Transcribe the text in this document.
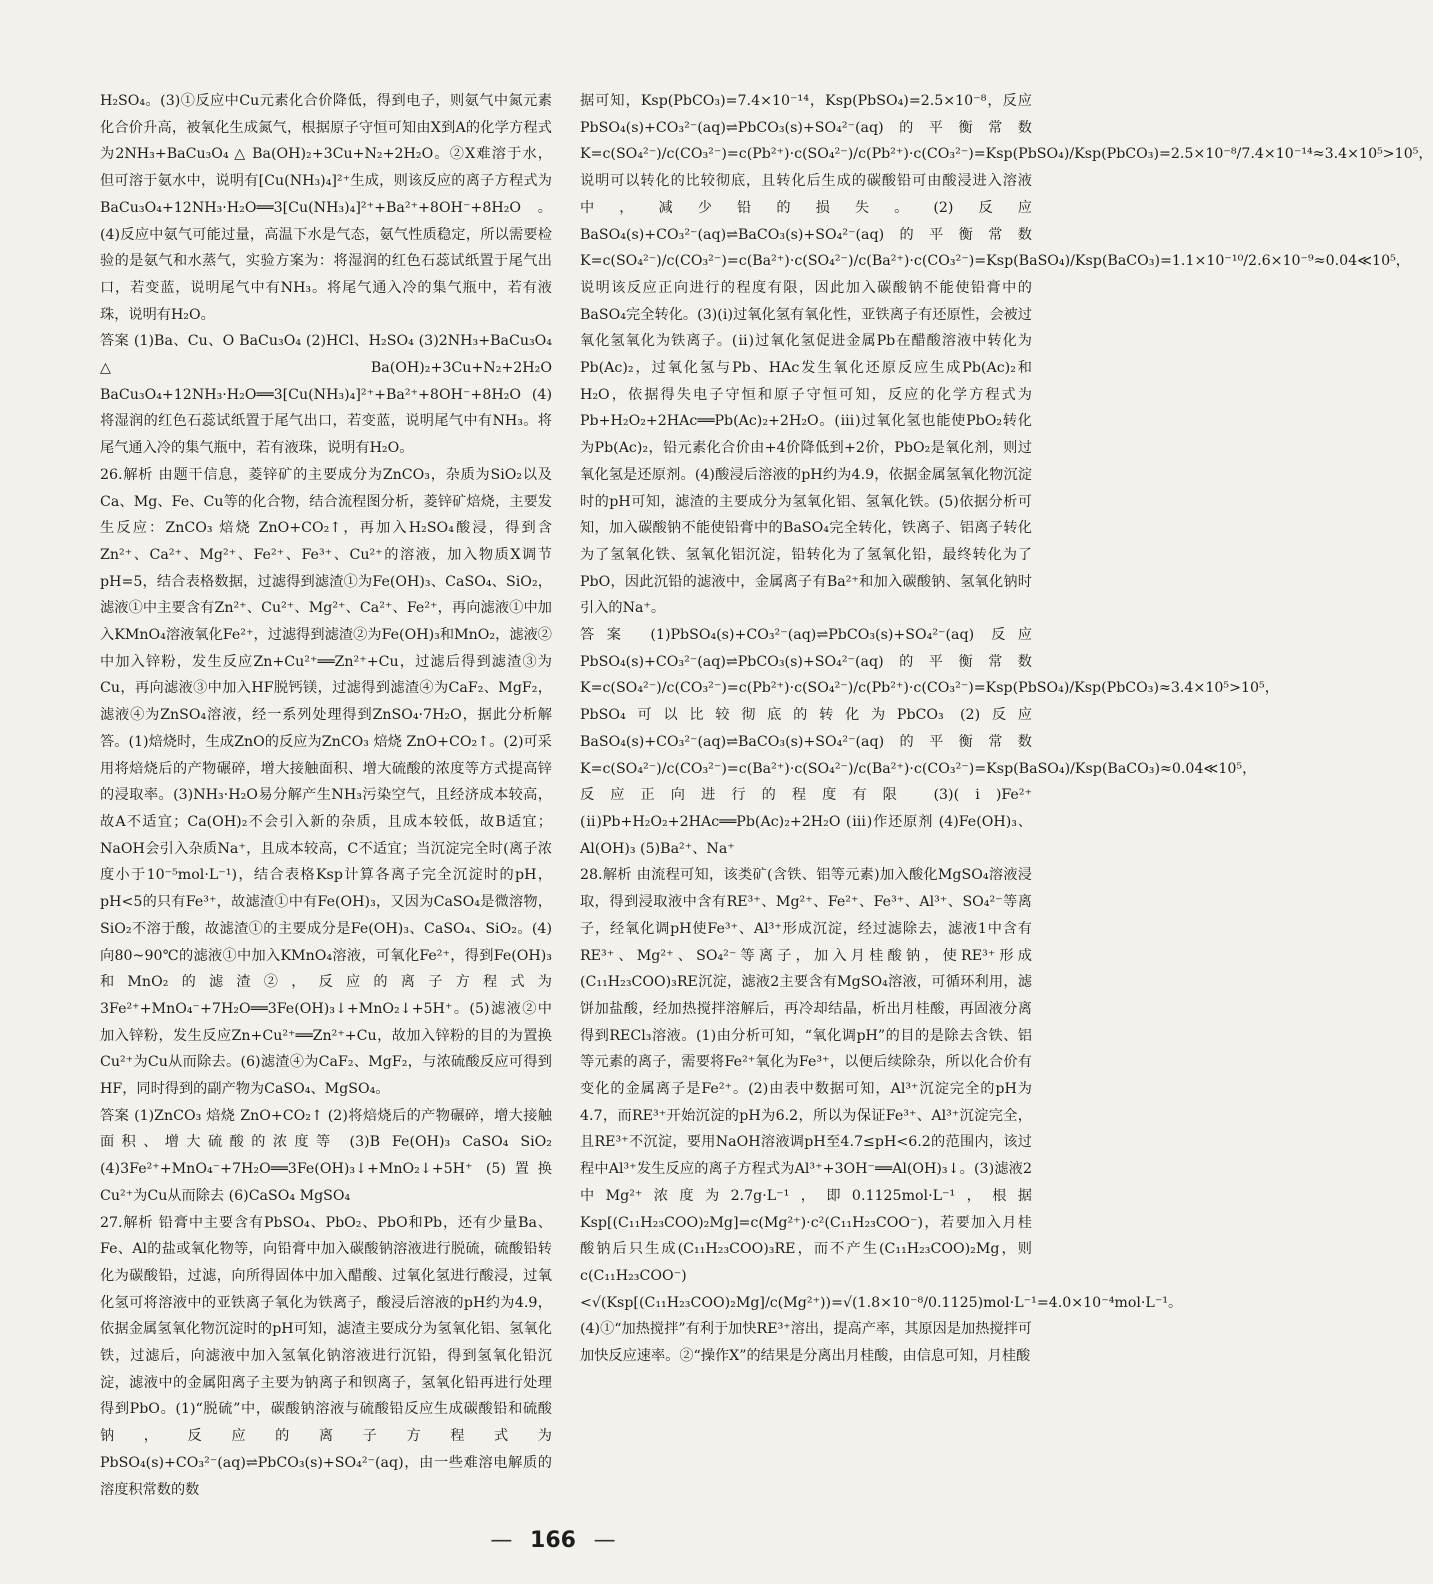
H₂SO₄。(3)①反应中Cu元素化合价降低，得到电子，则氨气中氮元素化合价升高，被氧化生成氮气，根据原子守恒可知由X到A的化学方程式为2NH₃+BaCu₃O₄ △ Ba(OH)₂+3Cu+N₂+2H₂O。②X难溶于水，但可溶于氨水中，说明有[Cu(NH₃)₄]²⁺生成，则该反应的离子方程式为BaCu₃O₄+12NH₃·H₂O══3[Cu(NH₃)₄]²⁺+Ba²⁺+8OH⁻+8H₂O。(4)反应中氨气可能过量，高温下水是气态，氨气性质稳定，所以需要检验的是氨气和水蒸气，实验方案为：将湿润的红色石蕊试纸置于尾气出口，若变蓝，说明尾气中有NH₃。将尾气通入冷的集气瓶中，若有液珠，说明有H₂O。

答案 (1)Ba、Cu、O BaCu₃O₄ (2)HCl、H₂SO₄ (3)2NH₃+BaCu₃O₄ △ Ba(OH)₂+3Cu+N₂+2H₂O BaCu₃O₄+12NH₃·H₂O══3[Cu(NH₃)₄]²⁺+Ba²⁺+8OH⁻+8H₂O (4)将湿润的红色石蕊试纸置于尾气出口，若变蓝，说明尾气中有NH₃。将尾气通入冷的集气瓶中，若有液珠，说明有H₂O。

26.解析 由题干信息，菱锌矿的主要成分为ZnCO₃，杂质为SiO₂以及Ca、Mg、Fe、Cu等的化合物，结合流程图分析，菱锌矿焙烧，主要发生反应：ZnCO₃ 焙烧 ZnO+CO₂↑，再加入H₂SO₄酸浸，得到含Zn²⁺、Ca²⁺、Mg²⁺、Fe²⁺、Fe³⁺、Cu²⁺的溶液，加入物质X调节pH=5，结合表格数据，过滤得到滤渣①为Fe(OH)₃、CaSO₄、SiO₂，滤液①中主要含有Zn²⁺、Cu²⁺、Mg²⁺、Ca²⁺、Fe²⁺，再向滤液①中加入KMnO₄溶液氧化Fe²⁺，过滤得到滤渣②为Fe(OH)₃和MnO₂，滤液②中加入锌粉，发生反应Zn+Cu²⁺══Zn²⁺+Cu，过滤后得到滤渣③为Cu，再向滤液③中加入HF脱钙镁，过滤得到滤渣④为CaF₂、MgF₂，滤液④为ZnSO₄溶液，经一系列处理得到ZnSO₄·7H₂O，据此分析解答。(1)焙烧时，生成ZnO的反应为ZnCO₃ 焙烧 ZnO+CO₂↑。(2)可采用将焙烧后的产物碾碎，增大接触面积、增大硫酸的浓度等方式提高锌的浸取率。(3)NH₃·H₂O易分解产生NH₃污染空气，且经济成本较高，故A不适宜；Ca(OH)₂不会引入新的杂质，且成本较低，故B适宜；NaOH会引入杂质Na⁺，且成本较高，C不适宜；当沉淀完全时(离子浓度小于10⁻⁵mol·L⁻¹)，结合表格Ksp计算各离子完全沉淀时的pH，pH<5的只有Fe³⁺，故滤渣①中有Fe(OH)₃，又因为CaSO₄是微溶物，SiO₂不溶于酸，故滤渣①的主要成分是Fe(OH)₃、CaSO₄、SiO₂。(4)向80~90℃的滤液①中加入KMnO₄溶液，可氧化Fe²⁺，得到Fe(OH)₃和MnO₂的滤渣②，反应的离子方程式为3Fe²⁺+MnO₄⁻+7H₂O══3Fe(OH)₃↓+MnO₂↓+5H⁺。(5)滤液②中加入锌粉，发生反应Zn+Cu²⁺══Zn²⁺+Cu，故加入锌粉的目的为置换Cu²⁺为Cu从而除去。(6)滤渣④为CaF₂、MgF₂，与浓硫酸反应可得到HF，同时得到的副产物为CaSO₄、MgSO₄。

答案 (1)ZnCO₃ 焙烧 ZnO+CO₂↑ (2)将焙烧后的产物碾碎，增大接触面积、增大硫酸的浓度等 (3)B Fe(OH)₃ CaSO₄ SiO₂ (4)3Fe²⁺+MnO₄⁻+7H₂O══3Fe(OH)₃↓+MnO₂↓+5H⁺ (5)置换Cu²⁺为Cu从而除去 (6)CaSO₄ MgSO₄

27.解析 铅膏中主要含有PbSO₄、PbO₂、PbO和Pb，还有少量Ba、Fe、Al的盐或氧化物等，向铅膏中加入碳酸钠溶液进行脱硫，硫酸铅转化为碳酸铅，过滤，向所得固体中加入醋酸、过氧化氢进行酸浸，过氧化氢可将溶液中的亚铁离子氧化为铁离子，酸浸后溶液的pH约为4.9，依据金属氢氧化物沉淀时的pH可知，滤渣主要成分为氢氧化铝、氢氧化铁，过滤后，向滤液中加入氢氧化钠溶液进行沉铅，得到氢氧化铅沉淀，滤液中的金属阳离子主要为钠离子和钡离子，氢氧化铅再进行处理得到PbO。(1)“脱硫”中，碳酸钠溶液与硫酸铅反应生成碳酸铅和硫酸钠，反应的离子方程式为PbSO₄(s)+CO₃²⁻(aq)⇌PbCO₃(s)+SO₄²⁻(aq)，由一些难溶电解质的溶度积常数的数

据可知，Ksp(PbCO₃)=7.4×10⁻¹⁴，Ksp(PbSO₄)=2.5×10⁻⁸，反应PbSO₄(s)+CO₃²⁻(aq)⇌PbCO₃(s)+SO₄²⁻(aq)的平衡常数K=c(SO₄²⁻)/c(CO₃²⁻)=c(Pb²⁺)·c(SO₄²⁻)/c(Pb²⁺)·c(CO₃²⁻)=Ksp(PbSO₄)/Ksp(PbCO₃)=2.5×10⁻⁸/7.4×10⁻¹⁴≈3.4×10⁵>10⁵，说明可以转化的比较彻底，且转化后生成的碳酸铅可由酸浸进入溶液中，减少铅的损失。(2)反应BaSO₄(s)+CO₃²⁻(aq)⇌BaCO₃(s)+SO₄²⁻(aq)的平衡常数K=c(SO₄²⁻)/c(CO₃²⁻)=c(Ba²⁺)·c(SO₄²⁻)/c(Ba²⁺)·c(CO₃²⁻)=Ksp(BaSO₄)/Ksp(BaCO₃)=1.1×10⁻¹⁰/2.6×10⁻⁹≈0.04≪10⁵，说明该反应正向进行的程度有限，因此加入碳酸钠不能使铅膏中的BaSO₄完全转化。(3)(ⅰ)过氧化氢有氧化性，亚铁离子有还原性，会被过氧化氢氧化为铁离子。(ⅱ)过氧化氢促进金属Pb在醋酸溶液中转化为Pb(Ac)₂，过氧化氢与Pb、HAc发生氧化还原反应生成Pb(Ac)₂和H₂O，依据得失电子守恒和原子守恒可知，反应的化学方程式为Pb+H₂O₂+2HAc══Pb(Ac)₂+2H₂O。(ⅲ)过氧化氢也能使PbO₂转化为Pb(Ac)₂，铅元素化合价由+4价降低到+2价，PbO₂是氧化剂，则过氧化氢是还原剂。(4)酸浸后溶液的pH约为4.9，依据金属氢氧化物沉淀时的pH可知，滤渣的主要成分为氢氧化铝、氢氧化铁。(5)依据分析可知，加入碳酸钠不能使铅膏中的BaSO₄完全转化，铁离子、铝离子转化为了氢氧化铁、氢氧化铝沉淀，铅转化为了氢氧化铅，最终转化为了PbO，因此沉铅的滤液中，金属离子有Ba²⁺和加入碳酸钠、氢氧化钠时引入的Na⁺。

答案 (1)PbSO₄(s)+CO₃²⁻(aq)⇌PbCO₃(s)+SO₄²⁻(aq) 反应PbSO₄(s)+CO₃²⁻(aq)⇌PbCO₃(s)+SO₄²⁻(aq)的平衡常数K=c(SO₄²⁻)/c(CO₃²⁻)=c(Pb²⁺)·c(SO₄²⁻)/c(Pb²⁺)·c(CO₃²⁻)=Ksp(PbSO₄)/Ksp(PbCO₃)≈3.4×10⁵>10⁵，PbSO₄可以比较彻底的转化为PbCO₃ (2)反应BaSO₄(s)+CO₃²⁻(aq)⇌BaCO₃(s)+SO₄²⁻(aq)的平衡常数K=c(SO₄²⁻)/c(CO₃²⁻)=c(Ba²⁺)·c(SO₄²⁻)/c(Ba²⁺)·c(CO₃²⁻)=Ksp(BaSO₄)/Ksp(BaCO₃)≈0.04≪10⁵，反应正向进行的程度有限 (3)(ⅰ)Fe²⁺ (ⅱ)Pb+H₂O₂+2HAc══Pb(Ac)₂+2H₂O (ⅲ)作还原剂 (4)Fe(OH)₃、Al(OH)₃ (5)Ba²⁺、Na⁺

28.解析 由流程可知，该类矿(含铁、铝等元素)加入酸化MgSO₄溶液浸取，得到浸取液中含有RE³⁺、Mg²⁺、Fe²⁺、Fe³⁺、Al³⁺、SO₄²⁻等离子，经氧化调pH使Fe³⁺、Al³⁺形成沉淀，经过滤除去，滤液1中含有RE³⁺、Mg²⁺、SO₄²⁻等离子，加入月桂酸钠，使RE³⁺形成(C₁₁H₂₃COO)₃RE沉淀，滤液2主要含有MgSO₄溶液，可循环利用，滤饼加盐酸，经加热搅拌溶解后，再冷却结晶，析出月桂酸，再固液分离得到RECl₃溶液。(1)由分析可知，“氧化调pH”的目的是除去含铁、铝等元素的离子，需要将Fe²⁺氧化为Fe³⁺，以便后续除杂，所以化合价有变化的金属离子是Fe²⁺。(2)由表中数据可知，Al³⁺沉淀完全的pH为4.7，而RE³⁺开始沉淀的pH为6.2，所以为保证Fe³⁺、Al³⁺沉淀完全，且RE³⁺不沉淀，要用NaOH溶液调pH至4.7≤pH<6.2的范围内，该过程中Al³⁺发生反应的离子方程式为Al³⁺+3OH⁻══Al(OH)₃↓。(3)滤液2中Mg²⁺浓度为2.7g·L⁻¹，即0.1125mol·L⁻¹，根据Ksp[(C₁₁H₂₃COO)₂Mg]=c(Mg²⁺)·c²(C₁₁H₂₃COO⁻)，若要加入月桂酸钠后只生成(C₁₁H₂₃COO)₃RE，而不产生(C₁₁H₂₃COO)₂Mg，则c(C₁₁H₂₃COO⁻)<√(Ksp[(C₁₁H₂₃COO)₂Mg]/c(Mg²⁺))=√(1.8×10⁻⁸/0.1125)mol·L⁻¹=4.0×10⁻⁴mol·L⁻¹。(4)①“加热搅拌”有利于加快RE³⁺溶出，提高产率，其原因是加热搅拌可加快反应速率。②“操作X”的结果是分离出月桂酸，由信息可知，月桂酸

— 166 —
